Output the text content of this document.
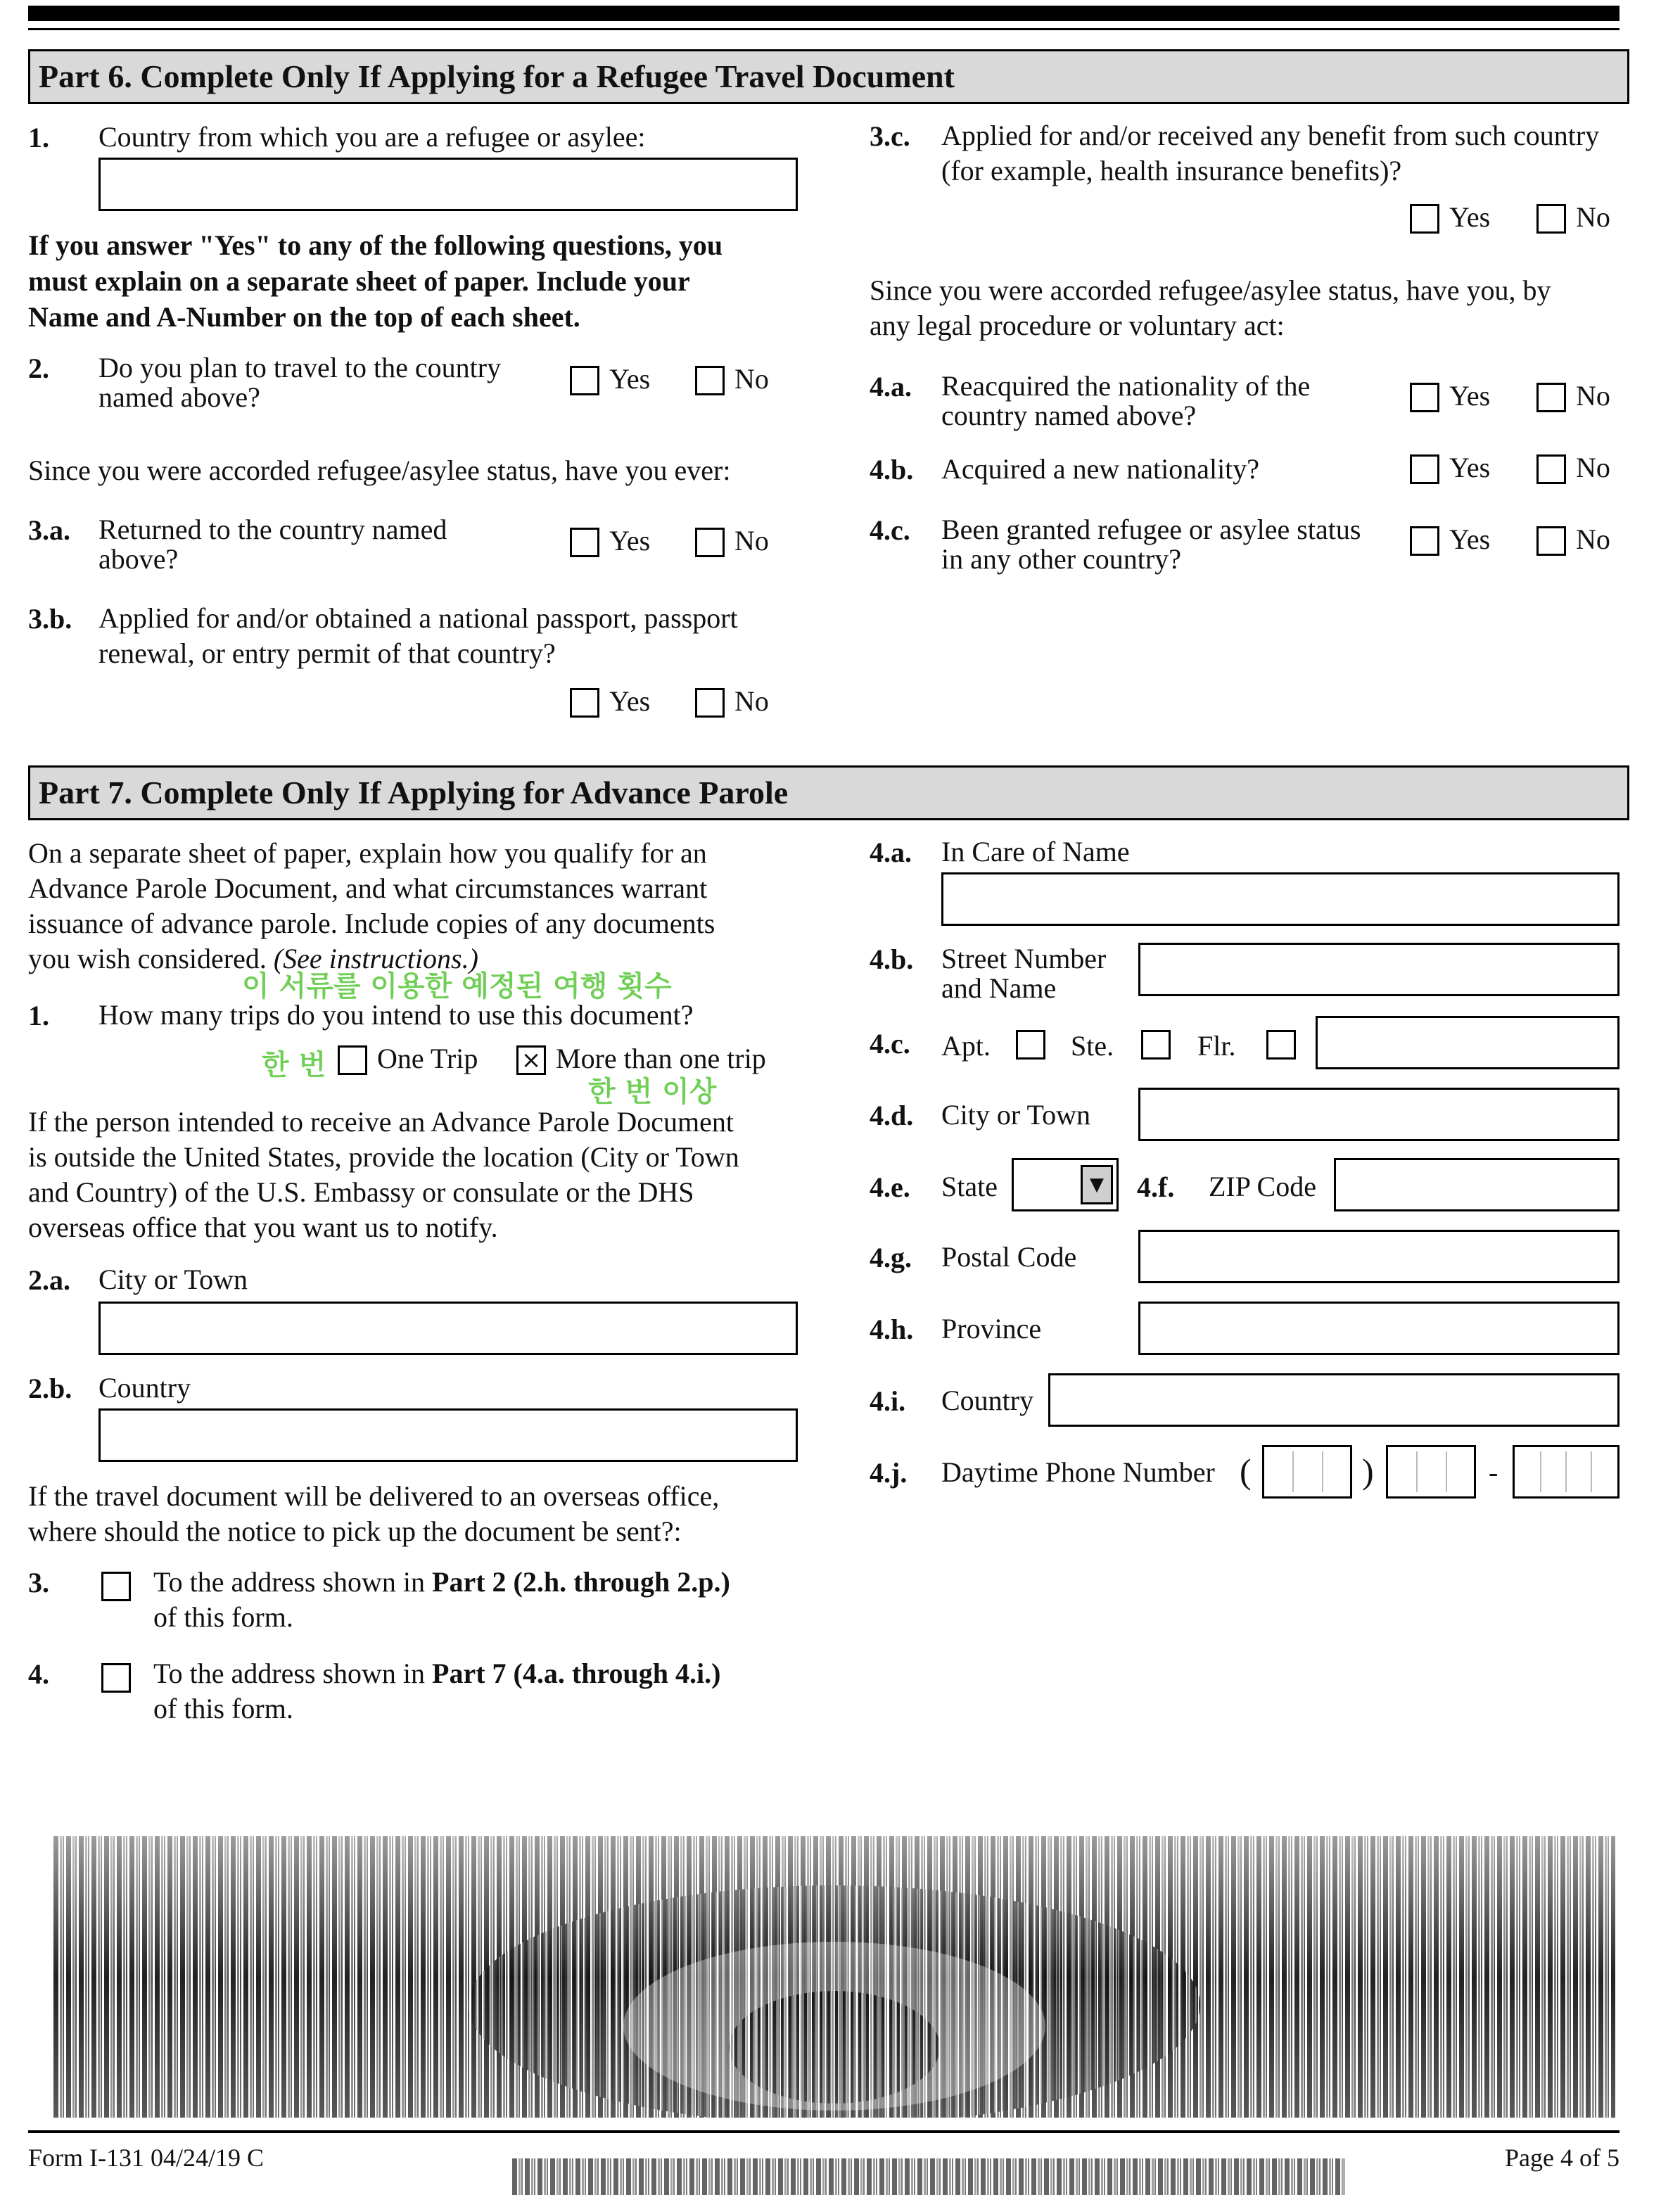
Part 6. Complete Only If Applying for a Refugee Travel Document
1. Country from which you are a refugee or asylee:
If you answer "Yes" to any of the following questions, you
must explain on a separate sheet of paper. Include your
Name and A-Number on the top of each sheet.
2. Do you plan to travel to the country
named above?
Yes	No
Since you were accorded refugee/asylee status, have you ever:
3.a. Returned to the country named
above?
Yes	No
3.b. Applied for and/or obtained a national passport, passport
renewal, or entry permit of that country?
Yes	No
3.c. Applied for and/or received any benefit from such country
(for example, health insurance benefits)?
Yes	No
Since you were accorded refugee/asylee status, have you, by
any legal procedure or voluntary act:
4.a. Reacquired the nationality of the
country named above?
Yes	No
4.b. Acquired a new nationality?	Yes	No
4.c. Been granted refugee or asylee status
in any other country?
Yes	No
Part 7. Complete Only If Applying for Advance Parole
On a separate sheet of paper, explain how you qualify for an
Advance Parole Document, and what circumstances warrant
issuance of advance parole. Include copies of any documents
you wish considered. (See instructions.)
이 서류를 이용한 예정된 여행 횟수
1. How many trips do you intend to use this document?
한 번 One Trip × More than one trip
한 번 이상
If the person intended to receive an Advance Parole Document
is outside the United States, provide the location (City or Town
and Country) of the U.S. Embassy or consulate or the DHS
overseas office that you want us to notify.
2.a. City or Town
2.b. Country
If the travel document will be delivered to an overseas office,
where should the notice to pick up the document be sent?:
3.	To the address shown in Part 2 (2.h. through 2.p.)
of this form.
4.	To the address shown in Part 7 (4.a. through 4.i.)
of this form.
4.a. In Care of Name
4.b. Street Number
and Name
4.c. Apt.	Ste.	Flr.
4.d. City or Town
4.e. State	▼	4.f. ZIP Code
4.g. Postal Code
4.h. Province
4.i. Country
4.j. Daytime Phone Number (	)	-
Form I-131 04/24/19 C	Page 4 of 5
